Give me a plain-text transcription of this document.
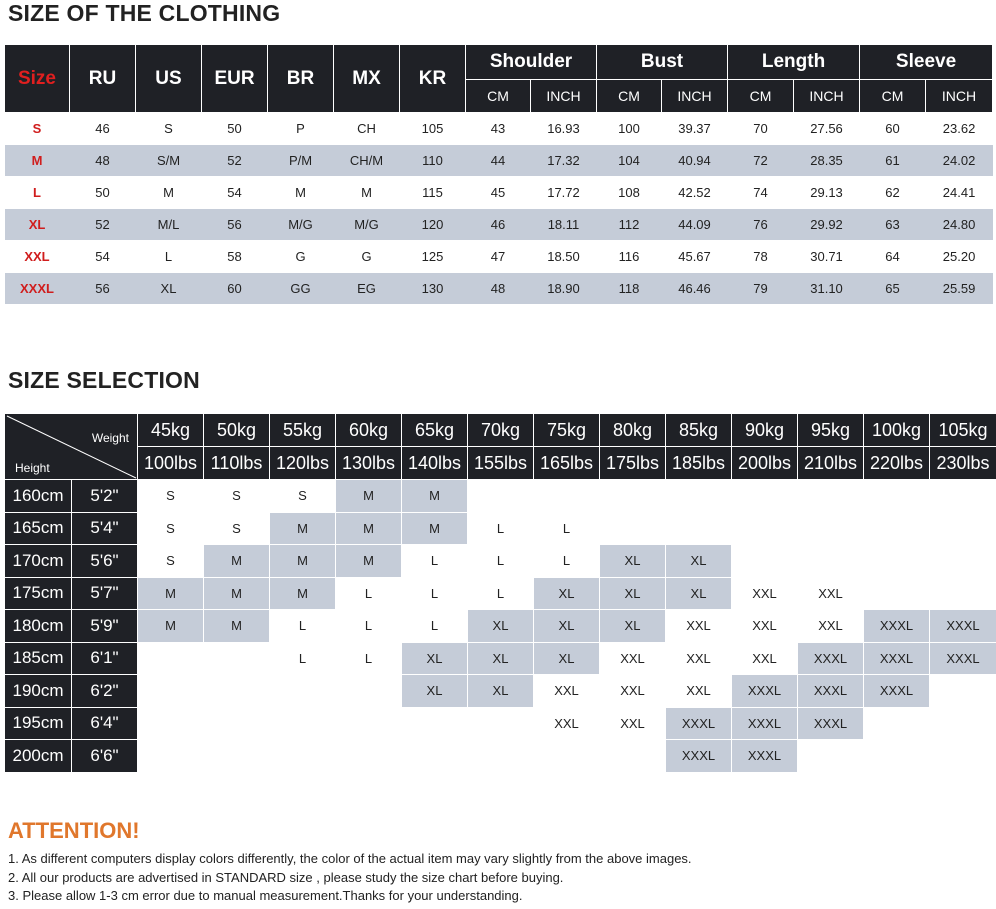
SIZE OF THE CLOTHING
Size	RU	US	EUR	BR	MX	KR	Shoulder		Bust		Length		Sleeve	
							CM	INCH	CM	INCH	CM	INCH	CM	INCH
S	46	S	50	P	CH	105	43	16.93	100	39.37	70	27.56	60	23.62
M	48	S/M	52	P/M	CH/M	110	44	17.32	104	40.94	72	28.35	61	24.02
L	50	M	54	M	M	115	45	17.72	108	42.52	74	29.13	62	24.41
XL	52	M/L	56	M/G	M/G	120	46	18.11	112	44.09	76	29.92	63	24.80
XXL	54	L	58	G	G	125	47	18.50	116	45.67	78	30.71	64	25.20
XXXL	56	XL	60	GG	EG	130	48	18.90	118	46.46	79	31.10	65	25.59
SIZE SELECTION
Weight
Height		45kg	50kg	55kg	60kg	65kg	70kg	75kg	80kg	85kg	90kg	95kg	100kg	105kg
		100lbs	110lbs	120lbs	130lbs	140lbs	155lbs	165lbs	175lbs	185lbs	200lbs	210lbs	220lbs	230lbs
160cm	5'2"	S	S	S	M	M								
165cm	5'4"	S	S	M	M	M	L	L						
170cm	5'6"	S	M	M	M	L	L	L	XL	XL				
175cm	5'7"	M	M	M	L	L	L	XL	XL	XL	XXL	XXL		
180cm	5'9"	M	M	L	L	L	XL	XL	XL	XXL	XXL	XXL	XXXL	XXXL
185cm	6'1"			L	L	XL	XL	XL	XXL	XXL	XXL	XXXL	XXXL	XXXL
190cm	6'2"					XL	XL	XXL	XXL	XXL	XXXL	XXXL	XXXL	
195cm	6'4"							XXL	XXL	XXXL	XXXL	XXXL		
200cm	6'6"									XXXL	XXXL			
ATTENTION!
1. As different computers display colors differently, the color of the actual item may vary slightly from the above images.
2. All our products are advertised in STANDARD size , please study the size chart before buying.
3. Please allow 1-3 cm error due to manual measurement.Thanks for your understanding.
